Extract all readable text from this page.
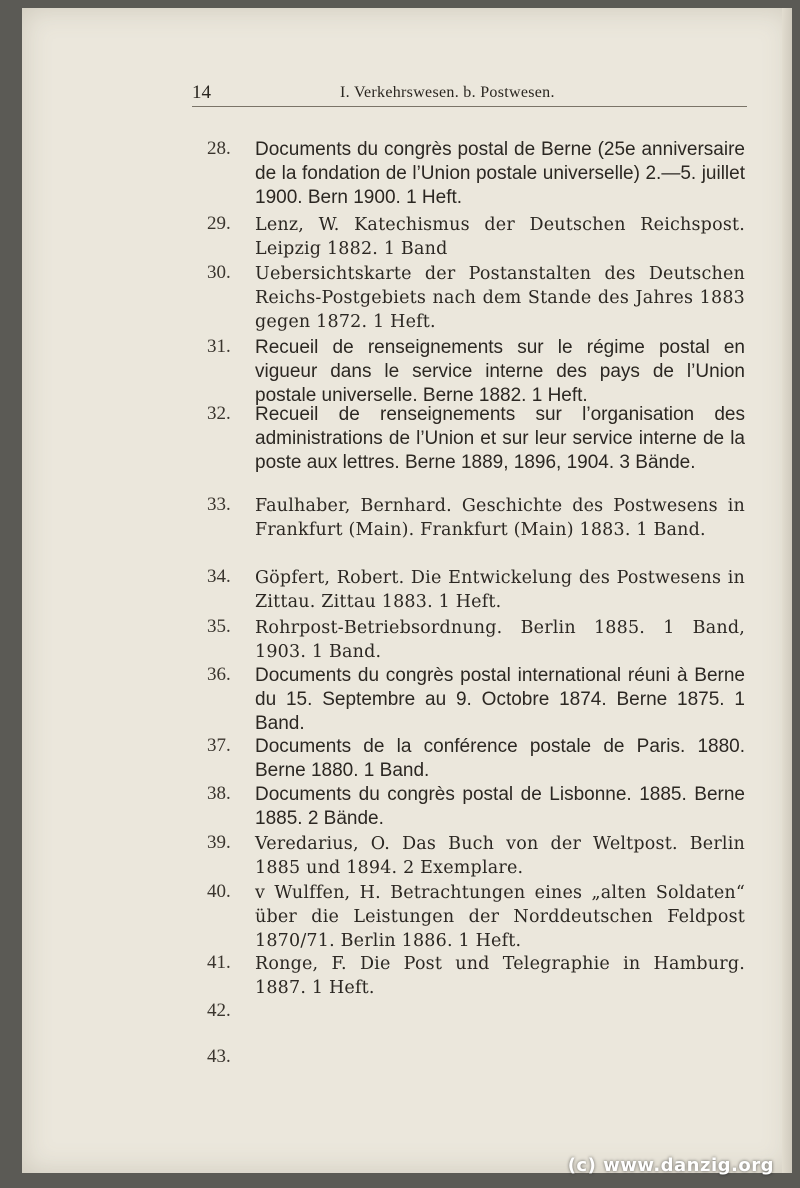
14	I. Verkehrswesen. b. Postwesen.
28.	Documents du congrès postal de Berne (25e anniversaire de la fondation de l’Union postale universelle) 2.—5. juillet 1900. Bern 1900. 1 Heft.
29.	Lenz, W. Katechismus der Deutschen Reichspost. Leipzig 1882. 1 Band
30.	Uebersichtskarte der Postanstalten des Deutschen Reichs-Postgebiets nach dem Stande des Jahres 1883 gegen 1872. 1 Heft.
31.	Recueil de renseignements sur le régime postal en vigueur dans le service interne des pays de l’Union postale universelle. Berne 1882. 1 Heft.
32.	Recueil de renseignements sur l’organisation des administrations de l’Union et sur leur service interne de la poste aux lettres. Berne 1889, 1896, 1904. 3 Bände.
33.	Faulhaber, Bernhard. Geschichte des Postwesens in Frankfurt (Main). Frankfurt (Main) 1883. 1 Band.
34.	Göpfert, Robert. Die Entwickelung des Postwesens in Zittau. Zittau 1883. 1 Heft.
35.	Rohrpost-Betriebsordnung. Berlin 1885. 1 Band, 1903. 1 Band.
36.	Documents du congrès postal international réuni à Berne du 15. Septembre au 9. Octobre 1874. Berne 1875. 1 Band.
37.	Documents de la conférence postale de Paris. 1880. Berne 1880. 1 Band.
38.	Documents du congrès postal de Lisbonne. 1885. Berne 1885. 2 Bände.
39.	Veredarius, O. Das Buch von der Weltpost. Berlin 1885 und 1894. 2 Exemplare.
40.	v Wulffen, H. Betrachtungen eines „alten Soldaten“ über die Leistungen der Norddeutschen Feldpost 1870/71. Berlin 1886. 1 Heft.
41.	Ronge, F. Die Post und Telegraphie in Hamburg. 1887. 1 Heft.
42.
43.
(c) www.danzig.org
